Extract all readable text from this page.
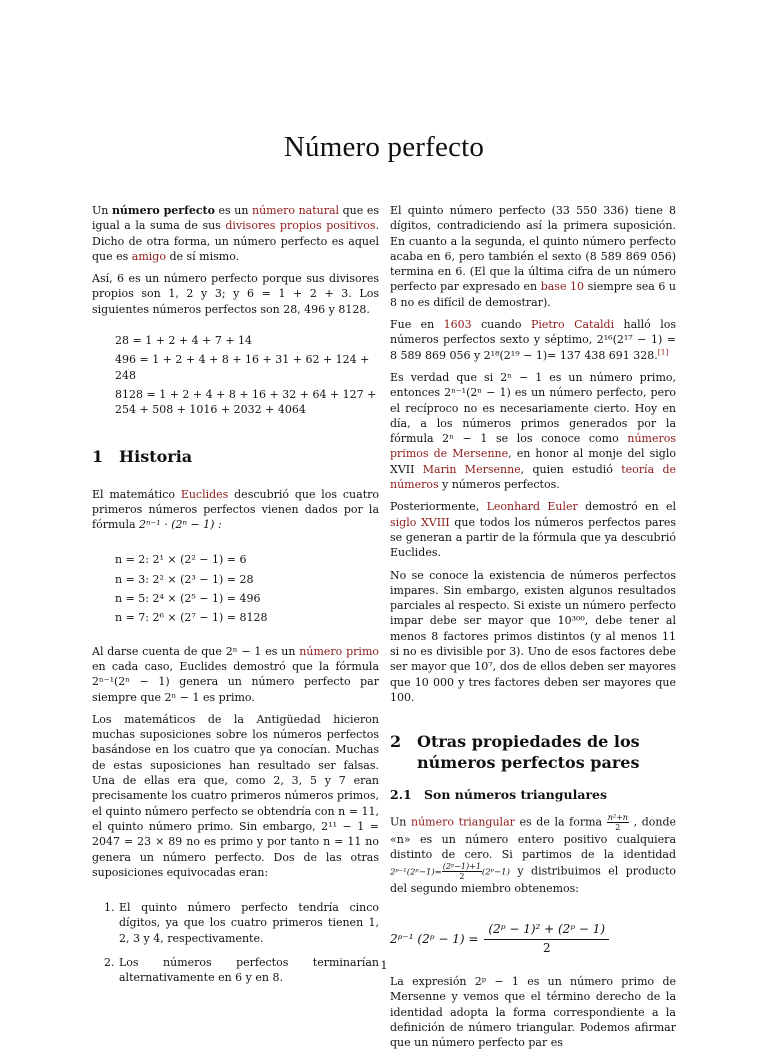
Número perfecto

Un número perfecto es un número natural que es igual a la suma de sus divisores propios positivos. Dicho de otra forma, un número perfecto es aquel que es amigo de sí mismo.

Así, 6 es un número perfecto porque sus divisores propios son 1, 2 y 3; y 6 = 1 + 2 + 3. Los siguientes números perfectos son 28, 496 y 8128.

28 = 1 + 2 + 4 + 7 + 14
496 = 1 + 2 + 4 + 8 + 16 + 31 + 62 + 124 + 248
8128 = 1 + 2 + 4 + 8 + 16 + 32 + 64 + 127 + 254 + 508 + 1016 + 2032 + 4064
1 Historia

El matemático Euclides descubrió que los cuatro primeros números perfectos vienen dados por la fórmula 2ⁿ⁻¹ · (2ⁿ − 1) :

n = 2: 2¹ × (2² − 1) = 6
n = 3: 2² × (2³ − 1) = 28
n = 5: 2⁴ × (2⁵ − 1) = 496
n = 7: 2⁶ × (2⁷ − 1) = 8128

Al darse cuenta de que 2ⁿ − 1 es un número primo en cada caso, Euclides demostró que la fórmula 2ⁿ⁻¹(2ⁿ − 1) genera un número perfecto par siempre que 2ⁿ − 1 es primo.

Los matemáticos de la Antigüedad hicieron muchas suposiciones sobre los números perfectos basándose en los cuatro que ya conocían. Muchas de estas suposiciones han resultado ser falsas. Una de ellas era que, como 2, 3, 5 y 7 eran precisamente los cuatro primeros números primos, el quinto número perfecto se obtendría con n = 11, el quinto número primo. Sin embargo, 2¹¹ − 1 = 2047 = 23 × 89 no es primo y por tanto n = 11 no genera un número perfecto. Dos de las otras suposiciones equivocadas eran:

1. El quinto número perfecto tendría cinco dígitos, ya que los cuatro primeros tienen 1, 2, 3 y 4, respectivamente.
2. Los números perfectos terminarían alternativamente en 6 y en 8.

El quinto número perfecto (33 550 336) tiene 8 dígitos, contradiciendo así la primera suposición. En cuanto a la segunda, el quinto número perfecto acaba en 6, pero también el sexto (8 589 869 056) termina en 6. (El que la última cifra de un número perfecto par expresado en base 10 siempre sea 6 u 8 no es difícil de demostrar).

Fue en 1603 cuando Pietro Cataldi halló los números perfectos sexto y séptimo, 2¹⁶(2¹⁷ − 1) = 8 589 869 056 y 2¹⁸(2¹⁹ − 1)= 137 438 691 328.[1]

Es verdad que si 2ⁿ − 1 es un número primo, entonces 2ⁿ⁻¹(2ⁿ − 1) es un número perfecto, pero el recíproco no es necesariamente cierto. Hoy en día, a los números primos generados por la fórmula 2ⁿ − 1 se los conoce como números primos de Mersenne, en honor al monje del siglo XVII Marin Mersenne, quien estudió teoría de números y números perfectos.

Posteriormente, Leonhard Euler demostró en el siglo XVIII que todos los números perfectos pares se generan a partir de la fórmula que ya descubrió Euclides.

No se conoce la existencia de números perfectos impares. Sin embargo, existen algunos resultados parciales al respecto. Si existe un número perfecto impar debe ser mayor que 10³⁰⁰, debe tener al menos 8 factores primos distintos (y al menos 11 si no es divisible por 3). Uno de esos factores debe ser mayor que 10⁷, dos de ellos deben ser mayores que 10 000 y tres factores deben ser mayores que 100.

2 Otras propiedades de los números perfectos pares
2.1 Son números triangulares

Un número triangular es de la forma $\frac{\text{n²+n}}{2}$ , donde «n» es un número entero positivo cualquiera distinto de cero. Si partimos de la identidad 2ᵖ⁻¹(2ᵖ−1)= $\frac{\text{(2ᵖ−1)+1}}{2}$ (2ᵖ−1) y distribuimos el producto del segundo miembro obtenemos:

2ᵖ⁻¹ (2ᵖ − $1) = \frac{\text{(2ᵖ − 1)² + (2ᵖ − 1)}}{2}$

La expresión 2ᵖ − 1 es un número primo de Mersenne y vemos que el término derecho de la identidad adopta la forma correspondiente a la definición de número triangular. Podemos afirmar que un número perfecto par es

1
